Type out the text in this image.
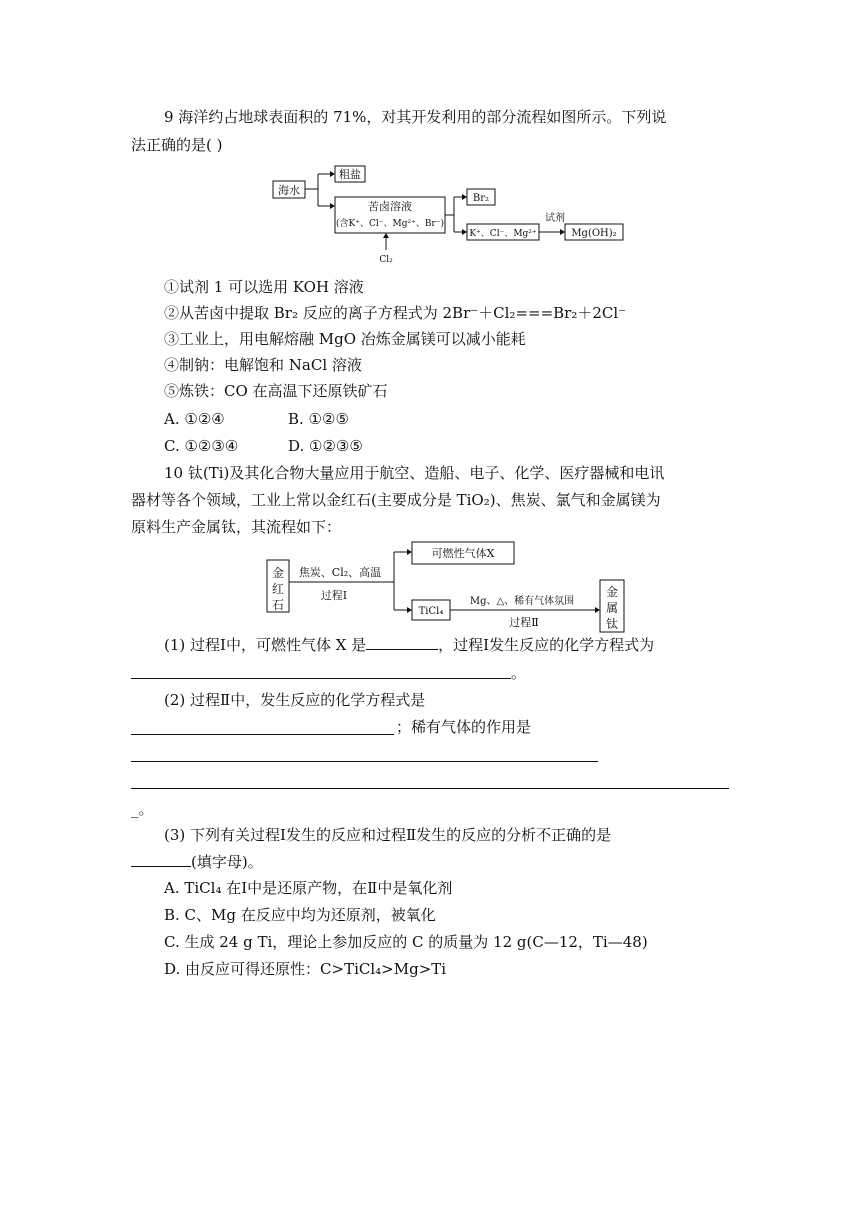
9 海洋约占地球表面积的 71%，对其开发利用的部分流程如图所示。下列说
法正确的是( )
海水
粗盐
苦卤溶液
(含K⁺、Cl⁻、Mg²⁺、Br⁻)
Cl₂
Br₂
K⁺、Cl⁻、Mg²⁺
试剂
Mg(OH)₂
①试剂 1 可以选用 KOH 溶液
②从苦卤中提取 Br₂ 反应的离子方程式为 2Br⁻＋Cl₂===Br₂＋2Cl⁻
③工业上，用电解熔融 MgO 冶炼金属镁可以减小能耗
④制钠：电解饱和 NaCl 溶液
⑤炼铁：CO 在高温下还原铁矿石
A. ①②④	B. ①②⑤
C. ①②③④	D. ①②③⑤
10 钛(Ti)及其化合物大量应用于航空、造船、电子、化学、医疗器械和电讯
器材等各个领域，工业上常以金红石(主要成分是 TiO₂)、焦炭、氯气和金属镁为
原料生产金属钛，其流程如下：
金
红
石
焦炭、Cl₂、高温
过程Ⅰ
可燃性气体X
TiCl₄
Mg、△、稀有气体氛围
过程Ⅱ
金
属
钛
(1) 过程Ⅰ中，可燃性气体 X 是	，过程Ⅰ发生反应的化学方程式为
。
(2) 过程Ⅱ中，发生反应的化学方程式是
；稀有气体的作用是
_。
(3) 下列有关过程Ⅰ发生的反应和过程Ⅱ发生的反应的分析不正确的是
(填字母)。
A. TiCl₄ 在Ⅰ中是还原产物，在Ⅱ中是氧化剂
B. C、Mg 在反应中均为还原剂，被氧化
C. 生成 24 g Ti，理论上参加反应的 C 的质量为 12 g(C—12，Ti—48)
D. 由反应可得还原性：C>TiCl₄>Mg>Ti
